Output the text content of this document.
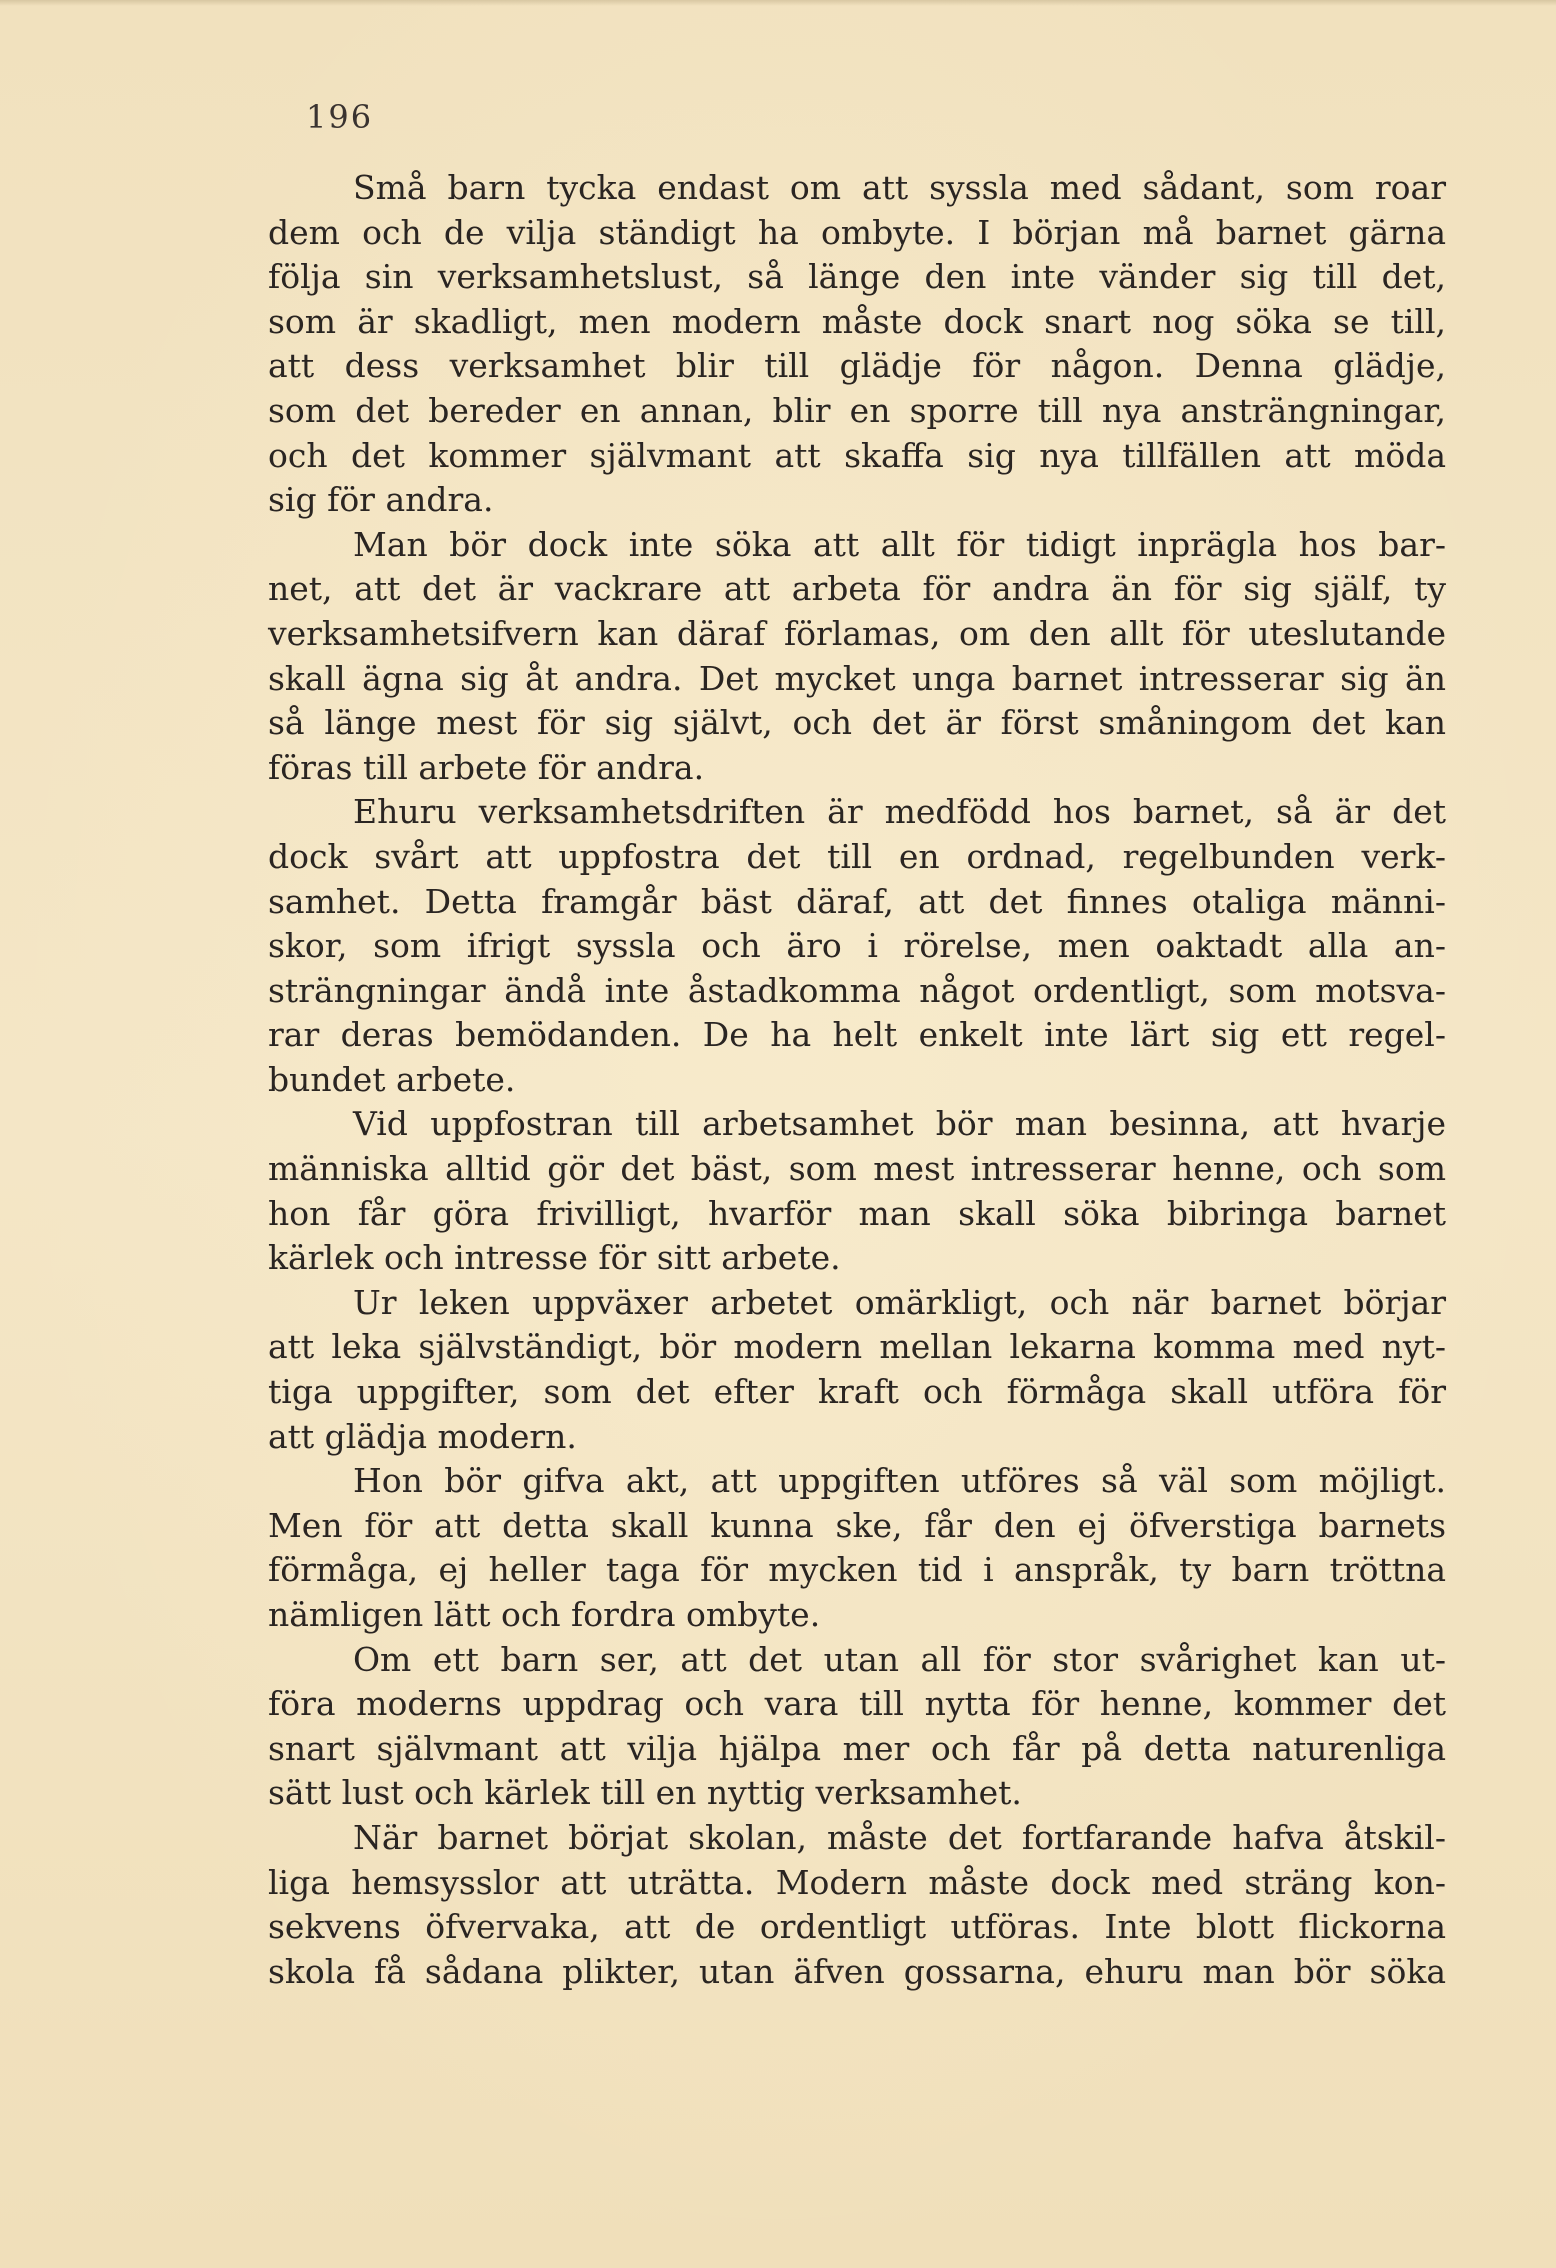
196
Små barn tycka endast om att syssla med sådant, som roar
dem och de vilja ständigt ha ombyte. I början må barnet gärna
följa sin verksamhetslust, så länge den inte vänder sig till det,
som är skadligt, men modern måste dock snart nog söka se till,
att dess verksamhet blir till glädje för någon. Denna glädje,
som det bereder en annan, blir en sporre till nya ansträngningar,
och det kommer självmant att skaffa sig nya tillfällen att möda
sig för andra.
Man bör dock inte söka att allt för tidigt inprägla hos bar-
net, att det är vackrare att arbeta för andra än för sig själf, ty
verksamhetsifvern kan däraf förlamas, om den allt för uteslutande
skall ägna sig åt andra. Det mycket unga barnet intresserar sig än
så länge mest för sig självt, och det är först småningom det kan
föras till arbete för andra.
Ehuru verksamhetsdriften är medfödd hos barnet, så är det
dock svårt att uppfostra det till en ordnad, regelbunden verk-
samhet. Detta framgår bäst däraf, att det finnes otaliga männi-
skor, som ifrigt syssla och äro i rörelse, men oaktadt alla an-
strängningar ändå inte åstadkomma något ordentligt, som motsva-
rar deras bemödanden. De ha helt enkelt inte lärt sig ett regel-
bundet arbete.
Vid uppfostran till arbetsamhet bör man besinna, att hvarje
människa alltid gör det bäst, som mest intresserar henne, och som
hon får göra frivilligt, hvarför man skall söka bibringa barnet
kärlek och intresse för sitt arbete.
Ur leken uppväxer arbetet omärkligt, och när barnet börjar
att leka självständigt, bör modern mellan lekarna komma med nyt-
tiga uppgifter, som det efter kraft och förmåga skall utföra för
att glädja modern.
Hon bör gifva akt, att uppgiften utföres så väl som möjligt.
Men för att detta skall kunna ske, får den ej öfverstiga barnets
förmåga, ej heller taga för mycken tid i anspråk, ty barn tröttna
nämligen lätt och fordra ombyte.
Om ett barn ser, att det utan all för stor svårighet kan ut-
föra moderns uppdrag och vara till nytta för henne, kommer det
snart självmant att vilja hjälpa mer och får på detta naturenliga
sätt lust och kärlek till en nyttig verksamhet.
När barnet börjat skolan, måste det fortfarande hafva åtskil-
liga hemsysslor att uträtta. Modern måste dock med sträng kon-
sekvens öfvervaka, att de ordentligt utföras. Inte blott flickorna
skola få sådana plikter, utan äfven gossarna, ehuru man bör söka
